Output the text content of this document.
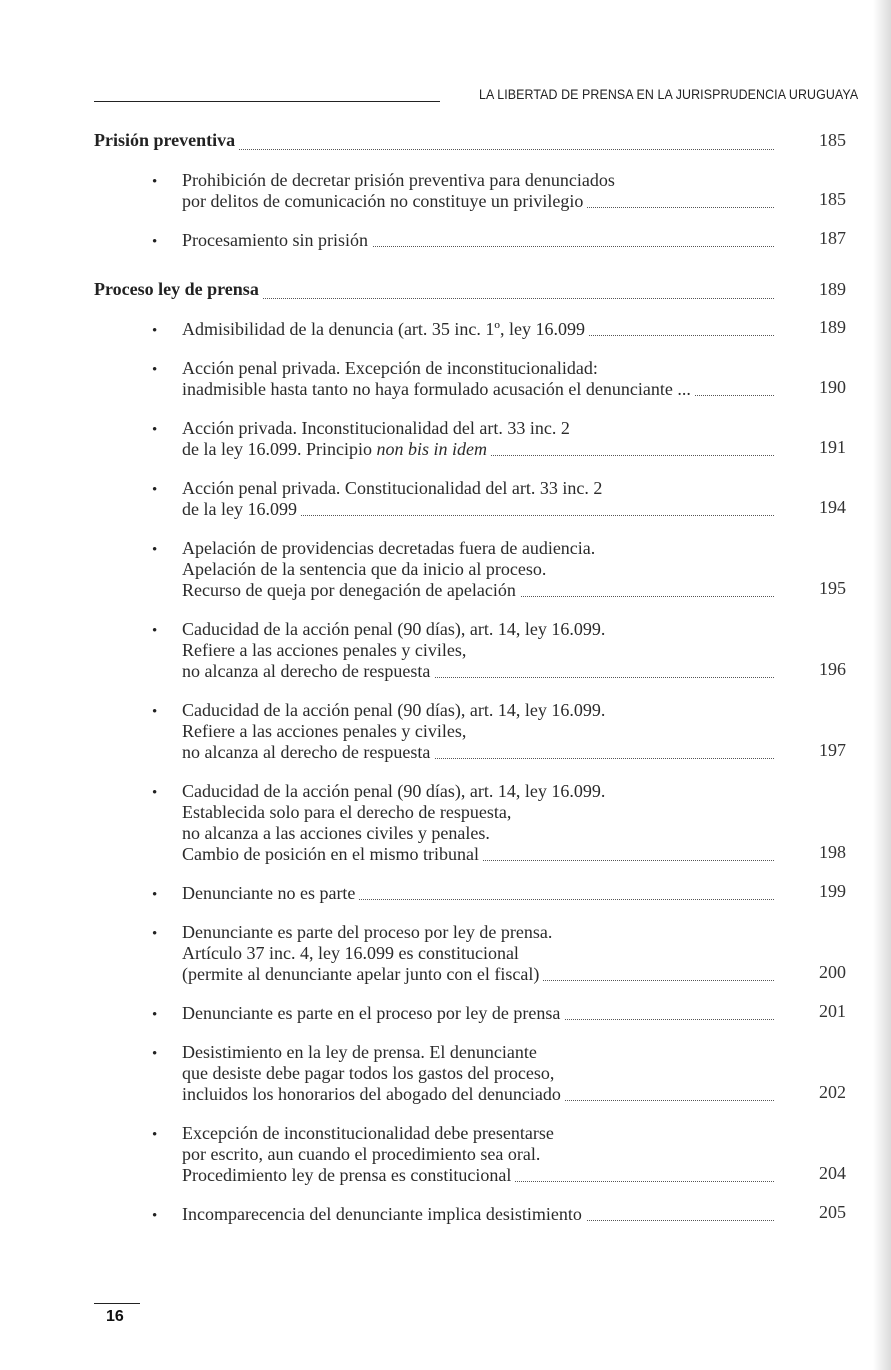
LA LIBERTAD DE PRENSA EN LA JURISPRUDENCIA URUGUAYA
Prisión preventiva	185
• Prohibición de decretar prisión preventiva para denunciados
por delitos de comunicación no constituye un privilegio	185
• Procesamiento sin prisión	187
Proceso ley de prensa	189
• Admisibilidad de la denuncia (art. 35 inc. 1º, ley 16.099	189
• Acción penal privada. Excepción de inconstitucionalidad:
inadmisible hasta tanto no haya formulado acusación el denunciante ...	190
• Acción privada. Inconstitucionalidad del art. 33 inc. 2
de la ley 16.099. Principio non bis in idem	191
• Acción penal privada. Constitucionalidad del art. 33 inc. 2
de la ley 16.099	194
• Apelación de providencias decretadas fuera de audiencia.
Apelación de la sentencia que da inicio al proceso.
Recurso de queja por denegación de apelación	195
• Caducidad de la acción penal (90 días), art. 14, ley 16.099.
Refiere a las acciones penales y civiles,
no alcanza al derecho de respuesta	196
• Caducidad de la acción penal (90 días), art. 14, ley 16.099.
Refiere a las acciones penales y civiles,
no alcanza al derecho de respuesta	197
• Caducidad de la acción penal (90 días), art. 14, ley 16.099.
Establecida solo para el derecho de respuesta,
no alcanza a las acciones civiles y penales.
Cambio de posición en el mismo tribunal	198
• Denunciante no es parte	199
• Denunciante es parte del proceso por ley de prensa.
Artículo 37 inc. 4, ley 16.099 es constitucional
(permite al denunciante apelar junto con el fiscal)	200
• Denunciante es parte en el proceso por ley de prensa	201
• Desistimiento en la ley de prensa. El denunciante
que desiste debe pagar todos los gastos del proceso,
incluidos los honorarios del abogado del denunciado	202
• Excepción de inconstitucionalidad debe presentarse
por escrito, aun cuando el procedimiento sea oral.
Procedimiento ley de prensa es constitucional	204
• Incomparecencia del denunciante implica desistimiento	205
16
